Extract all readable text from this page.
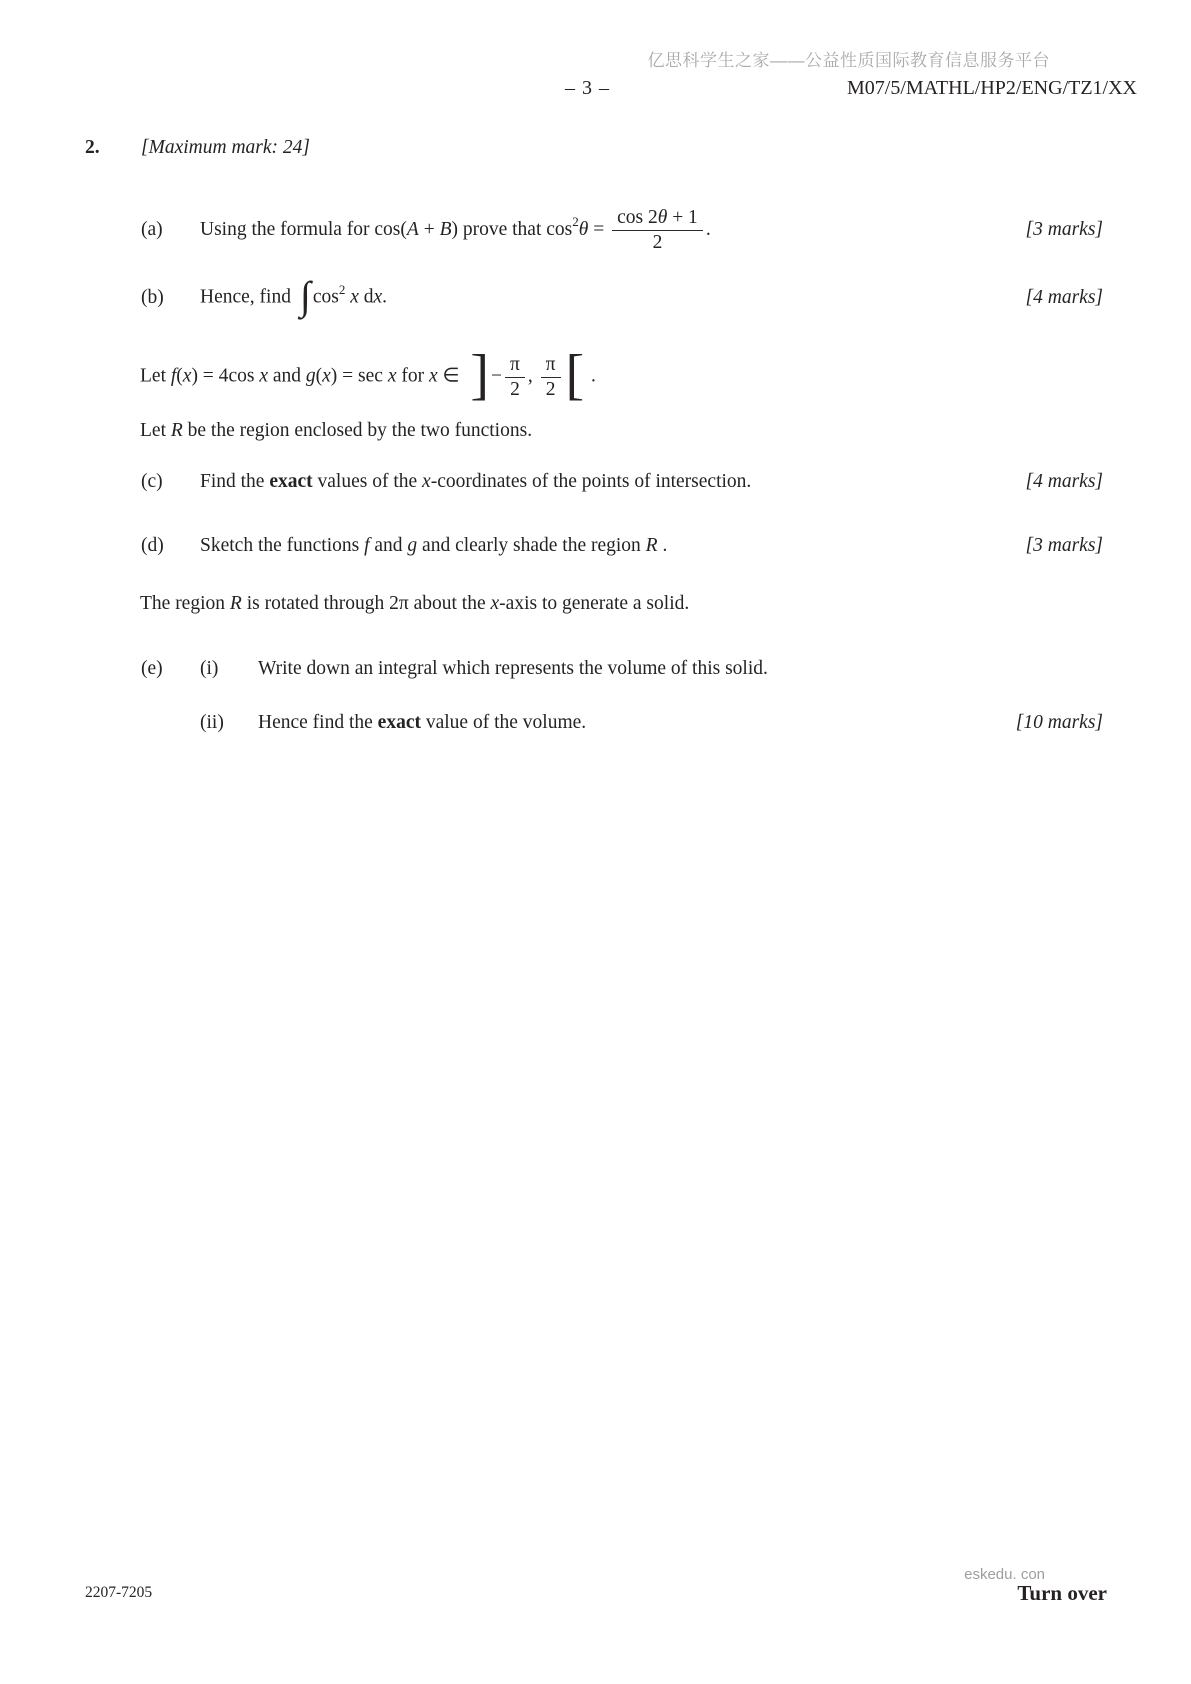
亿思科学生之家——公益性质国际教育信息服务平台
– 3 –	M07/5/MATHL/HP2/ENG/TZ1/XX
2. [Maximum mark: 24]
(a)	Using the formula for cos(A + B) prove that $\cos^2\theta = \frac{\cos 2\theta + 1}{2}$ .	[3 marks]
(b)	Hence, find ∫ $\cos^2 x$ dx.	[4 marks]
Let f(x) = 4cos x and g(x) = sec x for x ∈ ] − $\frac{\pi}{2}$ , $\frac{\pi}{2}$ [ .
Let R be the region enclosed by the two functions.
(c)	Find the exact values of the x-coordinates of the points of intersection.	[4 marks]
(d)	Sketch the functions f and g and clearly shade the region R .	[3 marks]
The region R is rotated through 2π about the x-axis to generate a solid.
(e)	(i)	Write down an integral which represents the volume of this solid.
(ii)	Hence find the exact value of the volume.	[10 marks]
2207-7205
eskedu. con
Turn over
